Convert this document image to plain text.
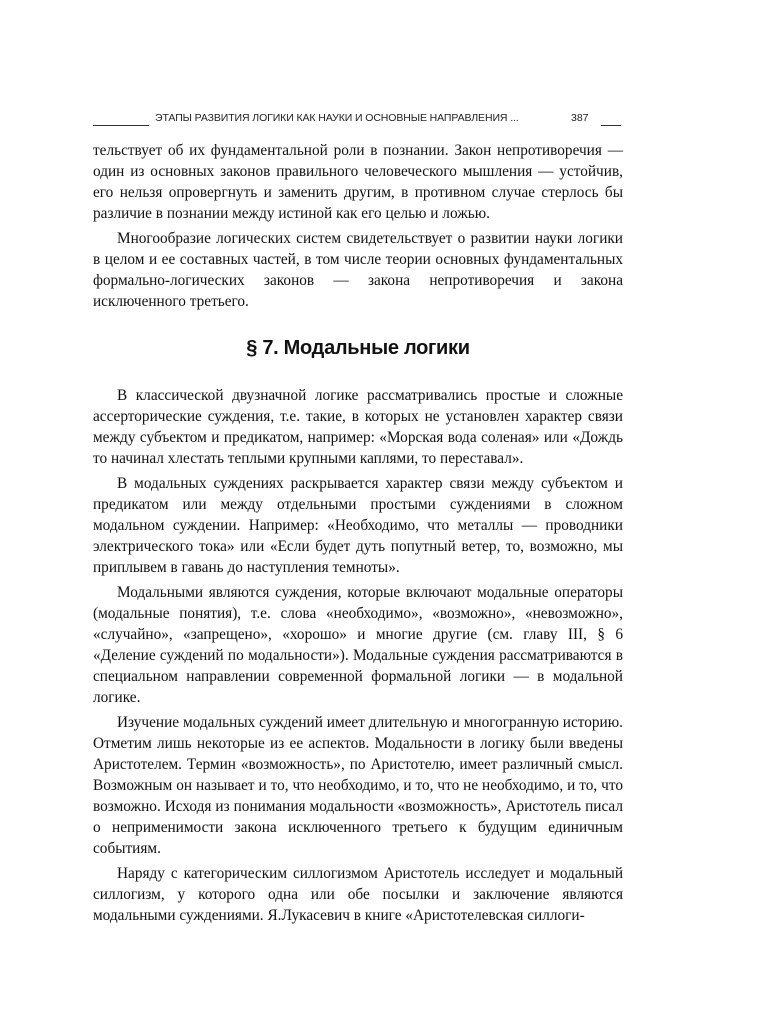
ЭТАПЫ РАЗВИТИЯ ЛОГИКИ КАК НАУКИ И ОСНОВНЫЕ НАПРАВЛЕНИЯ ...	387

тельствует об их фундаментальной роли в познании. Закон непротиворечия — один из основных законов правильного человеческого мышления — устойчив, его нельзя опровергнуть и заменить другим, в противном случае стерлось бы различие в познании между истиной как его целью и ложью.

Многообразие логических систем свидетельствует о развитии науки логики в целом и ее составных частей, в том числе теории основных фундаментальных формально-логических законов — закона непротиворечия и закона исключенного третьего.

§ 7. Модальные логики

В классической двузначной логике рассматривались простые и сложные ассерторические суждения, т.е. такие, в которых не установлен характер связи между субъектом и предикатом, например: «Морская вода соленая» или «Дождь то начинал хлестать теплыми крупными каплями, то переставал».

В модальных суждениях раскрывается характер связи между субъектом и предикатом или между отдельными простыми суждениями в сложном модальном суждении. Например: «Необходимо, что металлы — проводники электрического тока» или «Если будет дуть попутный ветер, то, возможно, мы приплывем в гавань до наступления темноты».

Модальными являются суждения, которые включают модальные операторы (модальные понятия), т.е. слова «необходимо», «возможно», «невозможно», «случайно», «запрещено», «хорошо» и многие другие (см. главу III, § 6 «Деление суждений по модальности»). Модальные суждения рассматриваются в специальном направлении современной формальной логики — в модальной логике.

Изучение модальных суждений имеет длительную и многогранную историю. Отметим лишь некоторые из ее аспектов. Модальности в логику были введены Аристотелем. Термин «возможность», по Аристотелю, имеет различный смысл. Возможным он называет и то, что необходимо, и то, что не необходимо, и то, что возможно. Исходя из понимания модальности «возможность», Аристотель писал о неприменимости закона исключенного третьего к будущим единичным событиям.

Наряду с категорическим силлогизмом Аристотель исследует и модальный силлогизм, у которого одна или обе посылки и заключение являются модальными суждениями. Я.Лукасевич в книге «Аристотелевская силлоги-
